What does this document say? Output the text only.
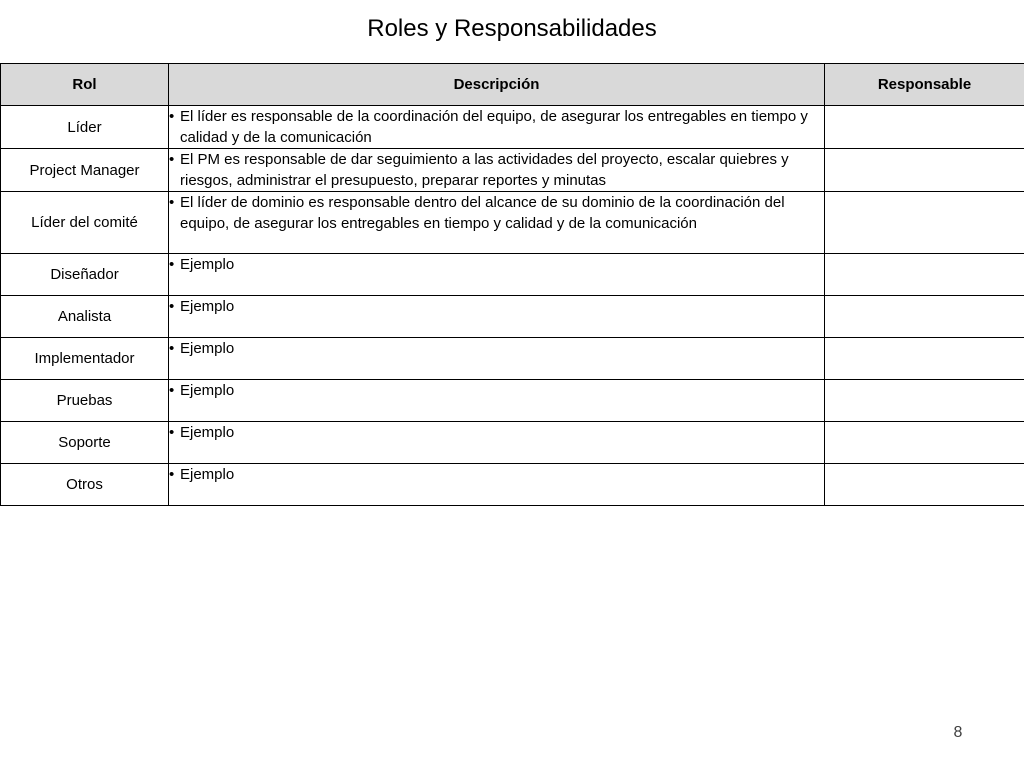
Roles y Responsabilidades
Rol	Descripción	Responsable
Líder	• El líder es responsable de la coordinación del equipo, de asegurar los entregables en tiempo y calidad y de la comunicación	

Project Manager	• El PM es responsable de dar seguimiento a las actividades del proyecto, escalar quiebres y riesgos, administrar el presupuesto, preparar reportes y minutas	

Líder del comité	• El líder de dominio es responsable dentro del alcance de su dominio de la coordinación del equipo, de asegurar los entregables en tiempo y calidad y de la comunicación	

Diseñador	• Ejemplo	

Analista	• Ejemplo	

Implementador	• Ejemplo	

Pruebas	• Ejemplo	

Soporte	• Ejemplo	

Otros	• Ejemplo	

8
